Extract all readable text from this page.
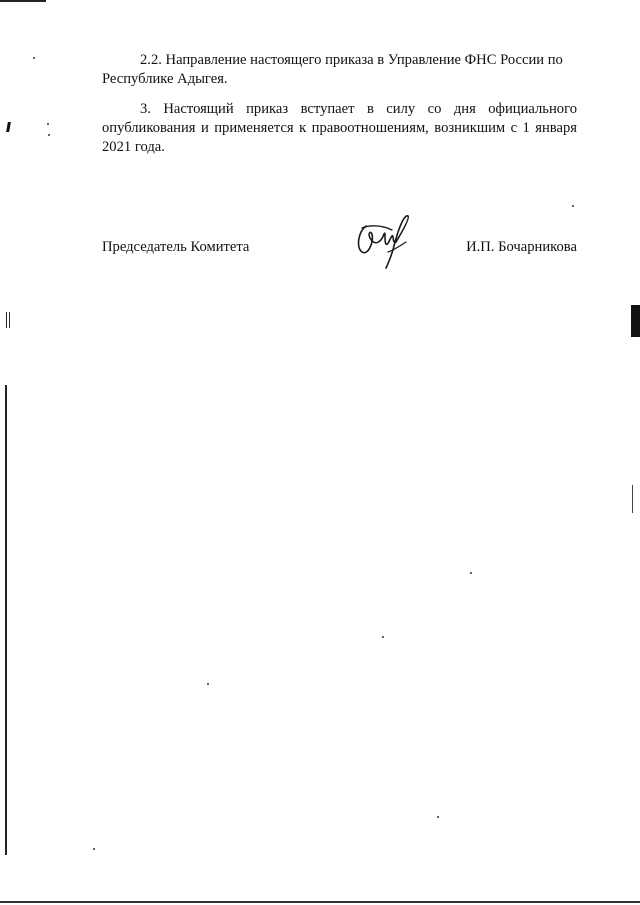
2.2. Направление настоящего приказа в Управление ФНС России по
Республике Адыгея.
3. Настоящий приказ вступает в силу со дня официального
опубликования и применяется к правоотношениям, возникшим с 1 января
2021 года.
Председатель Комитета	И.П. Бочарникова
